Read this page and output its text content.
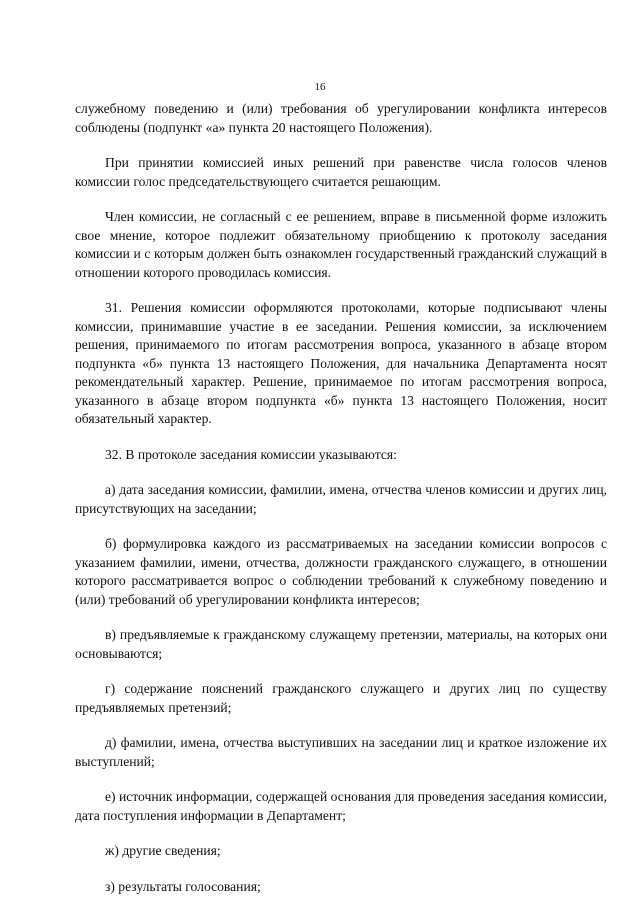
16

служебному поведению и (или) требования об урегулировании конфликта интересов соблюдены (подпункт «а» пункта 20 настоящего Положения).

При принятии комиссией иных решений при равенстве числа голосов членов комиссии голос председательствующего считается решающим.

Член комиссии, не согласный с ее решением, вправе в письменной форме изложить свое мнение, которое подлежит обязательному приобщению к протоколу заседания комиссии и с которым должен быть ознакомлен государственный гражданский служащий в отношении которого проводилась комиссия.

31. Решения комиссии оформляются протоколами, которые подписывают члены комиссии, принимавшие участие в ее заседании. Решения комиссии, за исключением решения, принимаемого по итогам рассмотрения вопроса, указанного в абзаце втором подпункта «б» пункта 13 настоящего Положения, для начальника Департамента носят рекомендательный характер. Решение, принимаемое по итогам рассмотрения вопроса, указанного в абзаце втором подпункта «б» пункта 13 настоящего Положения, носит обязательный характер.

32. В протоколе заседания комиссии указываются:

а) дата заседания комиссии, фамилии, имена, отчества членов комиссии и других лиц, присутствующих на заседании;

б) формулировка каждого из рассматриваемых на заседании комиссии вопросов с указанием фамилии, имени, отчества, должности гражданского служащего, в отношении которого рассматривается вопрос о соблюдении требований к служебному поведению и (или) требований об урегулировании конфликта интересов;

в) предъявляемые к гражданскому служащему претензии, материалы, на которых они основываются;

г) содержание пояснений гражданского служащего и других лиц по существу предъявляемых претензий;

д) фамилии, имена, отчества выступивших на заседании лиц и краткое изложение их выступлений;

е) источник информации, содержащей основания для проведения заседания комиссии, дата поступления информации в Департамент;

ж) другие сведения;

з) результаты голосования;
